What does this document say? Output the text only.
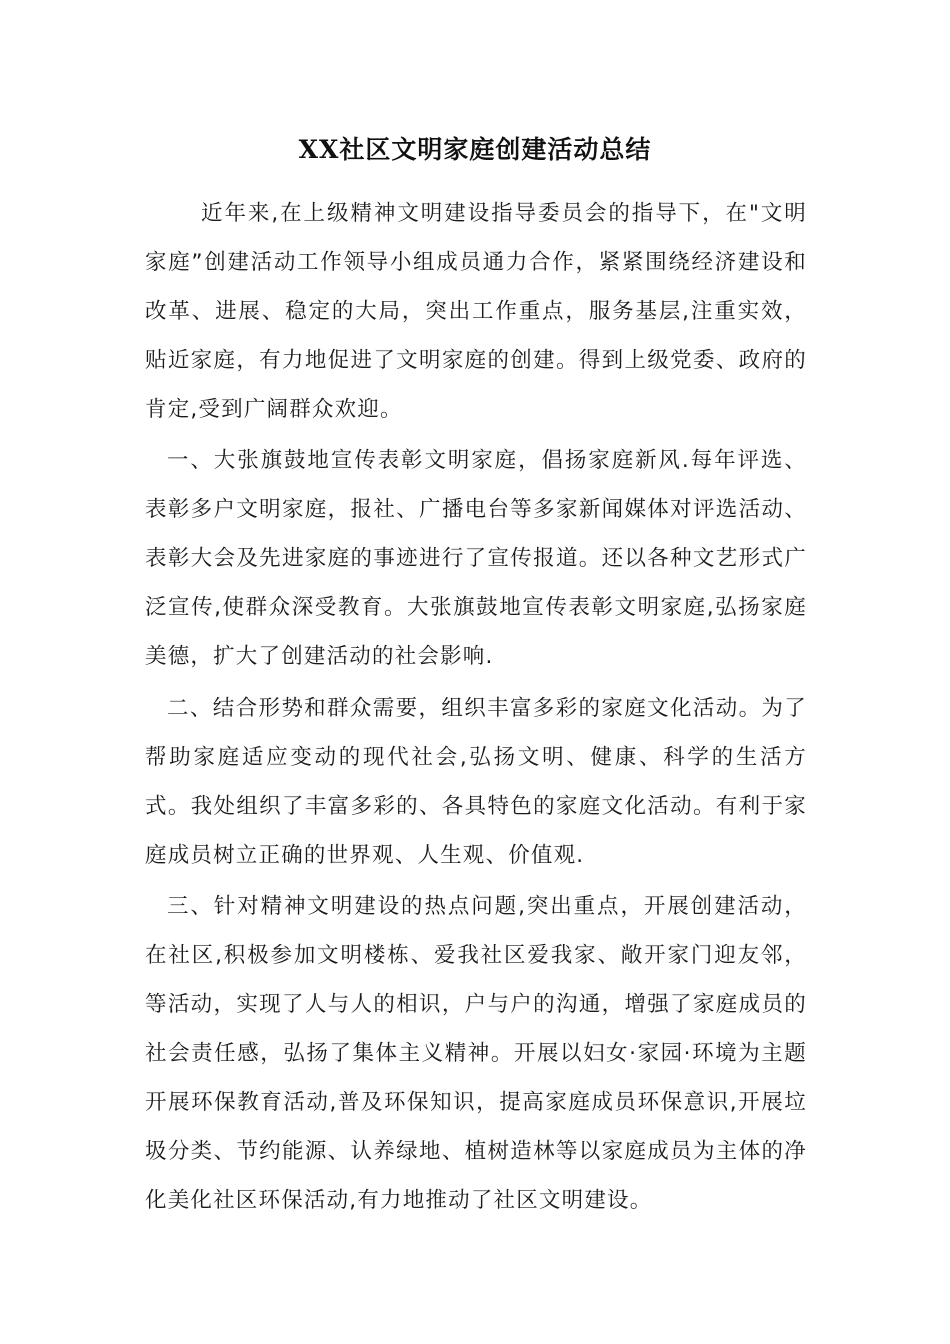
XX社区文明家庭创建活动总结

近年来,在上级精神文明建设指导委员会的指导下，在"文明家庭”创建活动工作领导小组成员通力合作，紧紧围绕经济建设和改革、进展、稳定的大局，突出工作重点，服务基层,注重实效，贴近家庭，有力地促进了文明家庭的创建。得到上级党委、政府的肯定,受到广阔群众欢迎。

一、大张旗鼓地宣传表彰文明家庭，倡扬家庭新风.每年评选、表彰多户文明家庭，报社、广播电台等多家新闻媒体对评选活动、表彰大会及先进家庭的事迹进行了宣传报道。还以各种文艺形式广泛宣传,使群众深受教育。大张旗鼓地宣传表彰文明家庭,弘扬家庭美德，扩大了创建活动的社会影响.

二、结合形势和群众需要，组织丰富多彩的家庭文化活动。为了帮助家庭适应变动的现代社会,弘扬文明、健康、科学的生活方式。我处组织了丰富多彩的、各具特色的家庭文化活动。有利于家庭成员树立正确的世界观、人生观、价值观.

三、针对精神文明建设的热点问题,突出重点，开展创建活动，在社区,积极参加文明楼栋、爱我社区爱我家、敞开家门迎友邻，等活动，实现了人与人的相识，户与户的沟通，增强了家庭成员的社会责任感，弘扬了集体主义精神。开展以妇女·家园·环境为主题开展环保教育活动,普及环保知识，提高家庭成员环保意识,开展垃圾分类、节约能源、认养绿地、植树造林等以家庭成员为主体的净化美化社区环保活动,有力地推动了社区文明建设。
